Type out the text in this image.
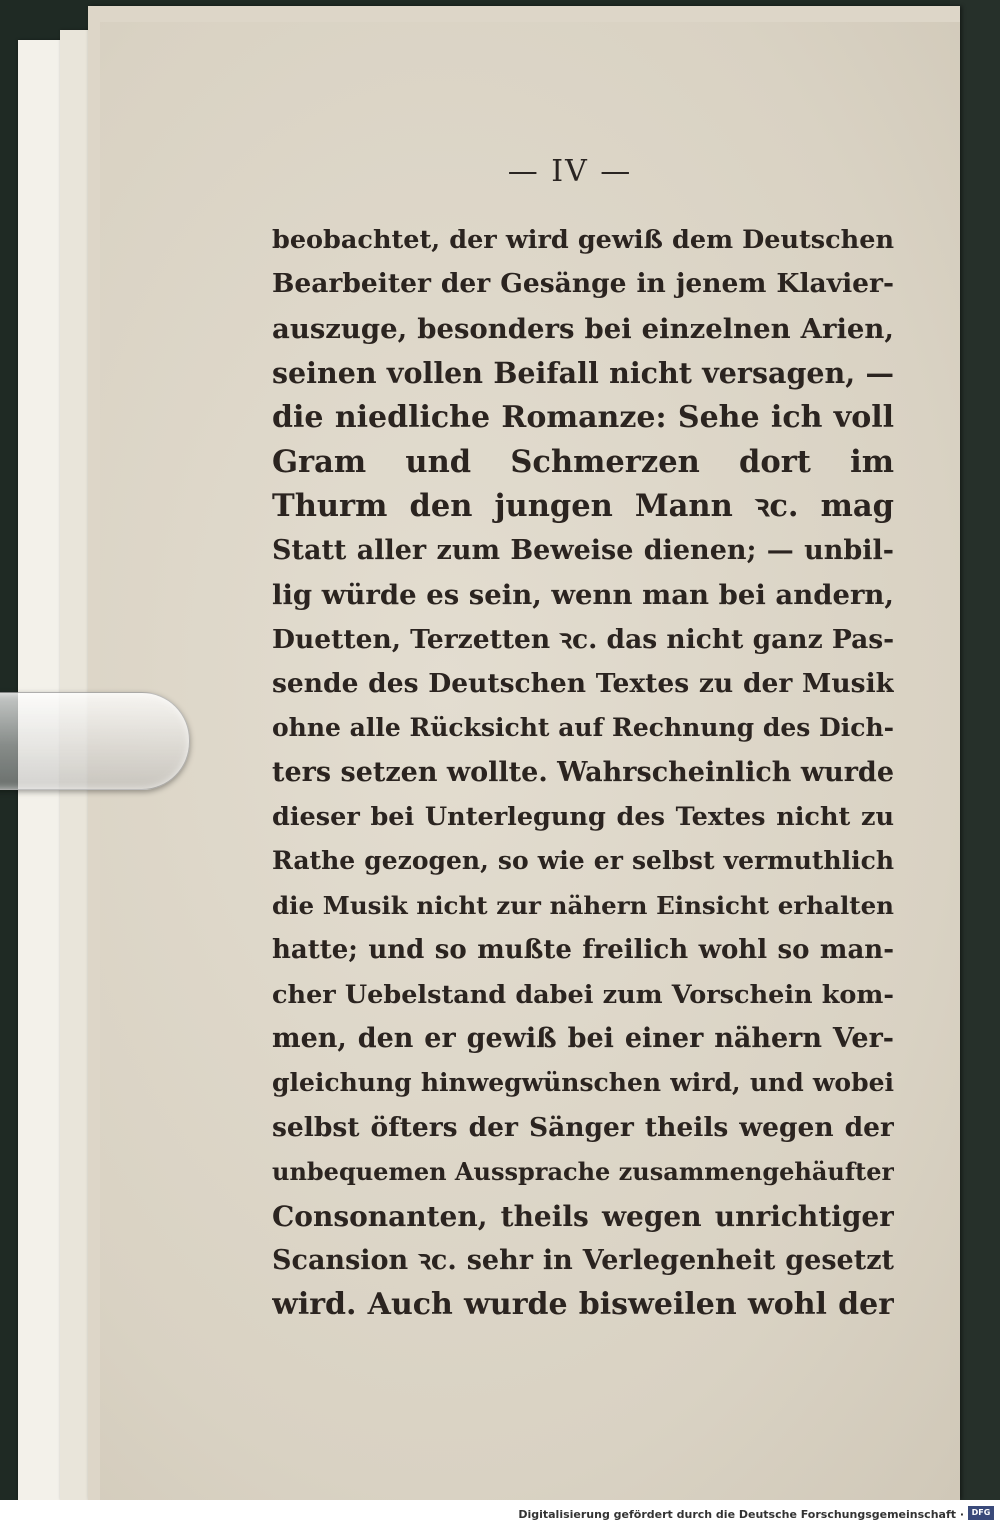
— IV —
beobachtet, der wird gewiß dem Deutschen
Bearbeiter der Gesänge in jenem Klavier-
auszuge, besonders bei einzelnen Arien,
seinen vollen Beifall nicht versagen, —
die niedliche Romanze: Sehe ich voll
Gram und Schmerzen dort im
Thurm den jungen Mann ꝛc. mag
Statt aller zum Beweise dienen; — unbil-
lig würde es sein, wenn man bei andern,
Duetten, Terzetten ꝛc. das nicht ganz Pas-
sende des Deutschen Textes zu der Musik
ohne alle Rücksicht auf Rechnung des Dich-
ters setzen wollte. Wahrscheinlich wurde
dieser bei Unterlegung des Textes nicht zu
Rathe gezogen, so wie er selbst vermuthlich
die Musik nicht zur nähern Einsicht erhalten
hatte; und so mußte freilich wohl so man-
cher Uebelstand dabei zum Vorschein kom-
men, den er gewiß bei einer nähern Ver-
gleichung hinwegwünschen wird, und wobei
selbst öfters der Sänger theils wegen der
unbequemen Aussprache zusammengehäufter
Consonanten, theils wegen unrichtiger
Scansion ꝛc. sehr in Verlegenheit gesetzt
wird. Auch wurde bisweilen wohl der
Digitalisierung gefördert durch die Deutsche Forschungsgemeinschaft · DFG
